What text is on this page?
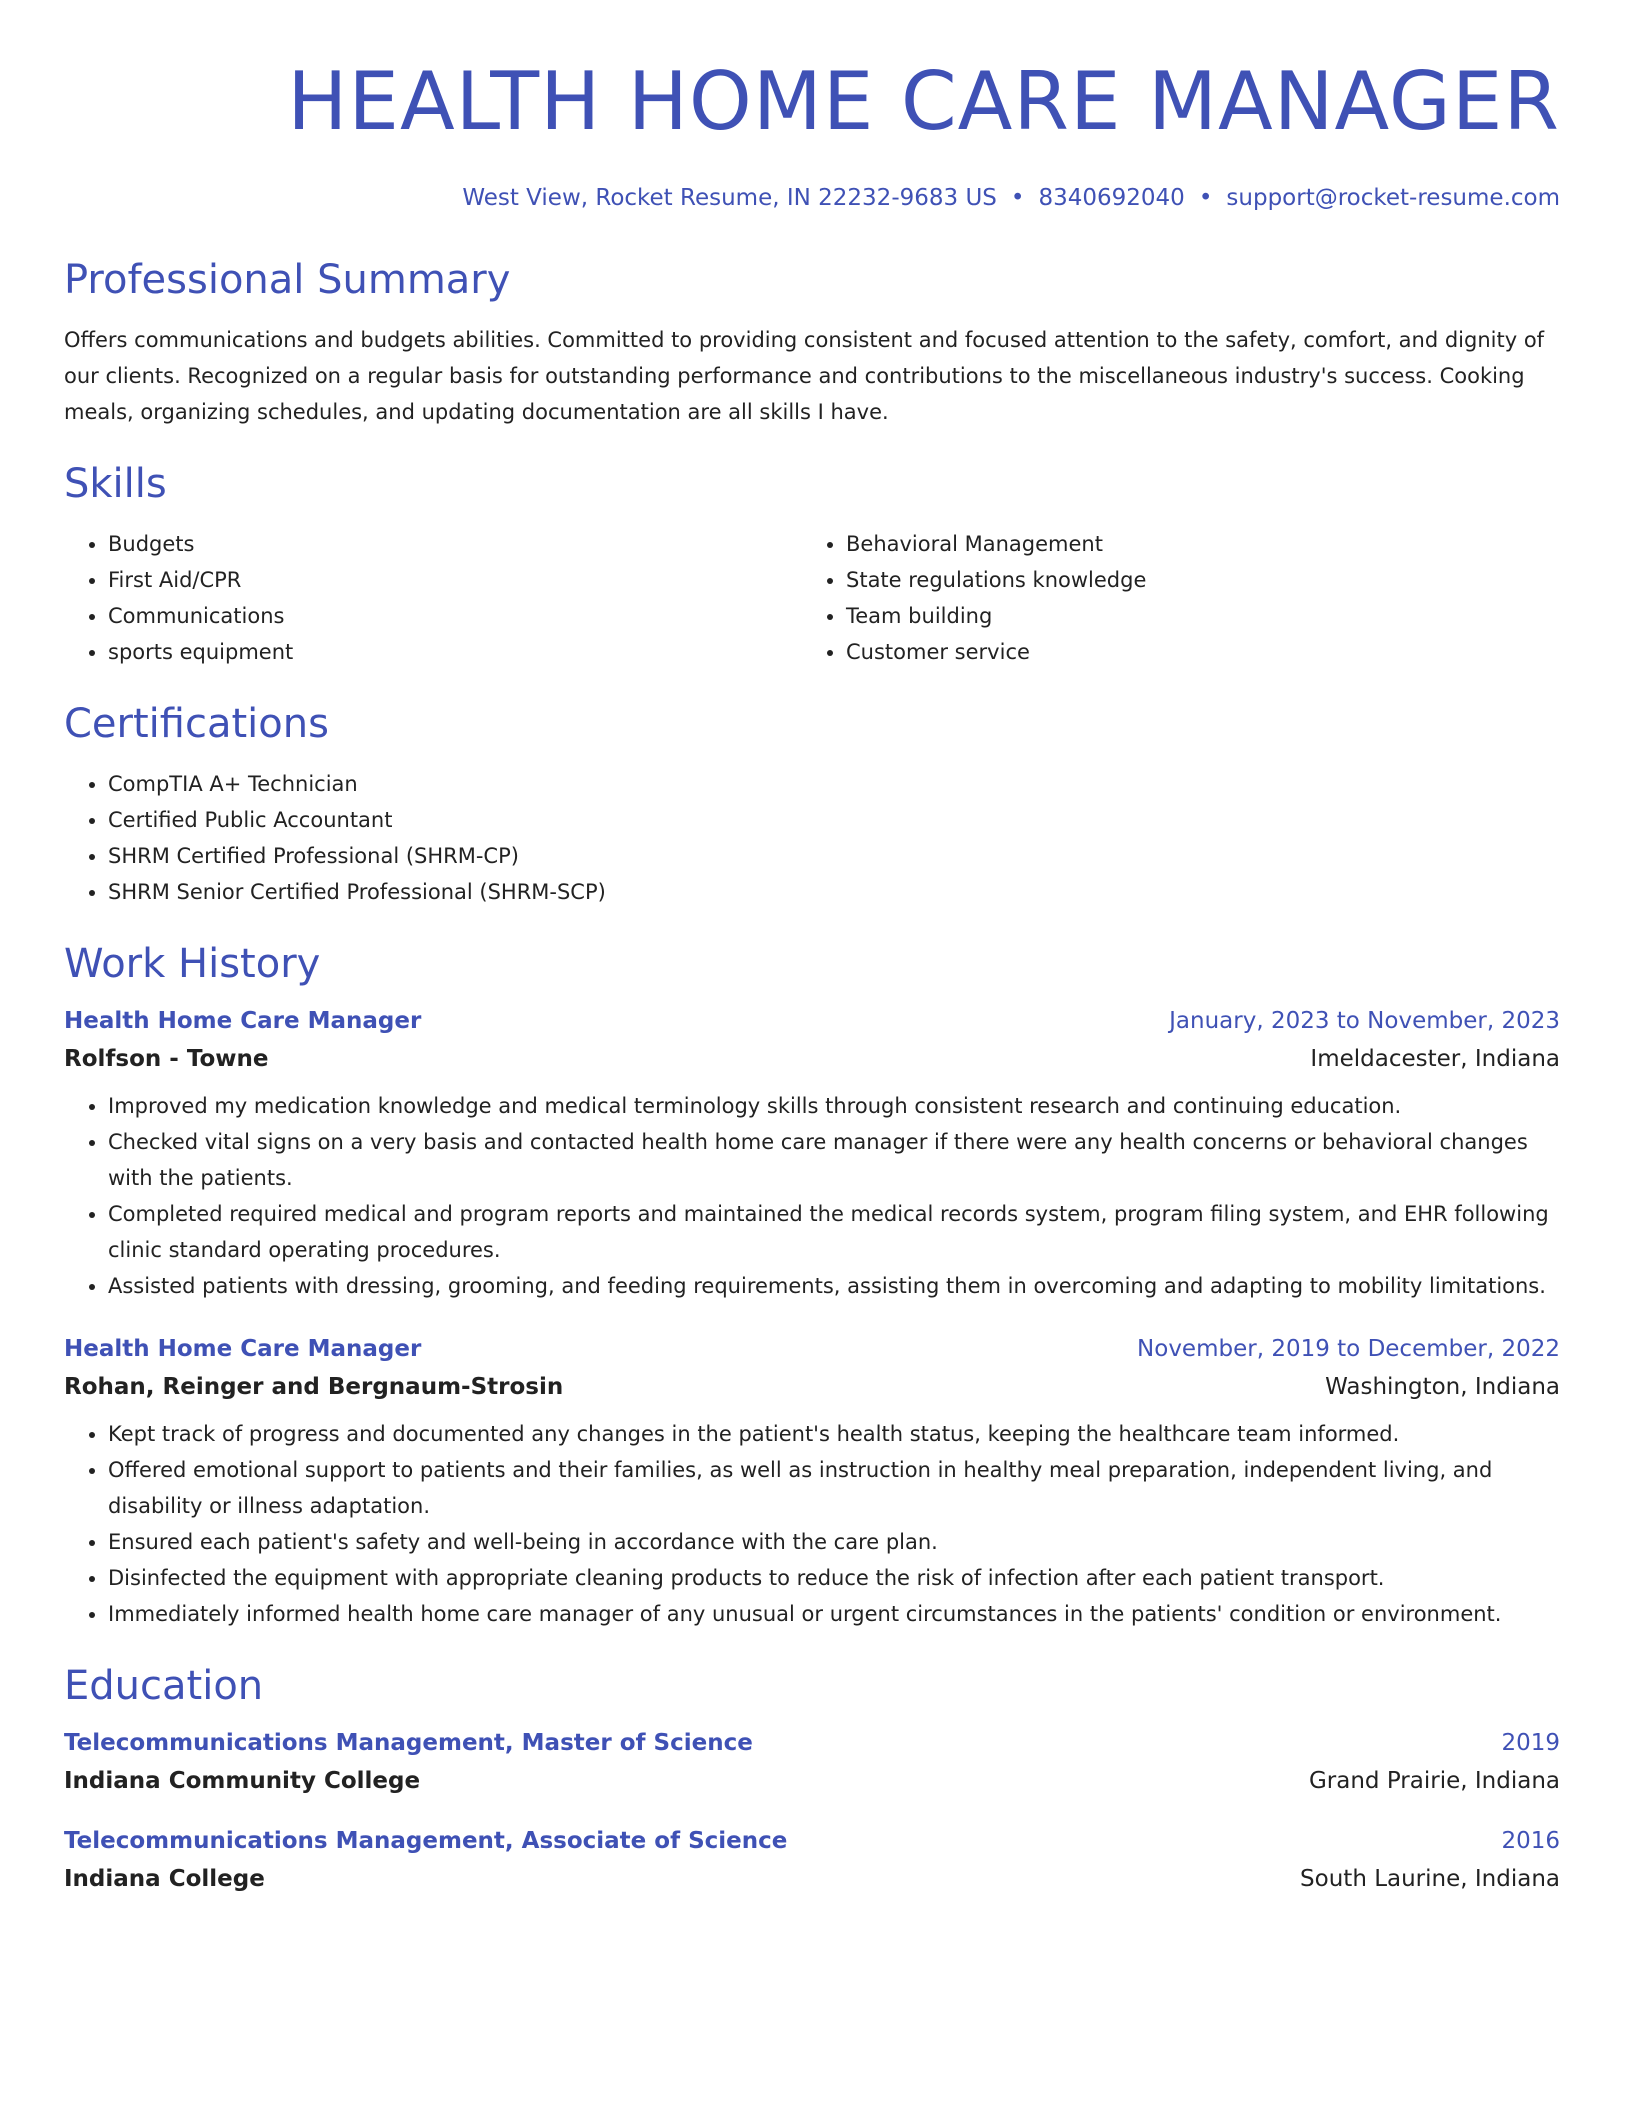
HEALTH HOME CARE MANAGER
West View, Rocket Resume, IN 22232-9683 US • 8340692040 • support@rocket-resume.com
Professional Summary

Offers communications and budgets abilities. Committed to providing consistent and focused attention to the safety, comfort, and dignity of our clients. Recognized on a regular basis for outstanding performance and contributions to the miscellaneous industry's success. Cooking meals, organizing schedules, and updating documentation are all skills I have.

Skills
• Budgets
• First Aid/CPR
• Communications
• sports equipment
• Behavioral Management
• State regulations knowledge
• Team building
• Customer service
Certifications
• CompTIA A+ Technician
• Certified Public Accountant
• SHRM Certified Professional (SHRM-CP)
• SHRM Senior Certified Professional (SHRM-SCP)
Work History
Health Home Care Manager	January, 2023 to November, 2023
Rolfson - Towne	Imeldacester, Indiana
• Improved my medication knowledge and medical terminology skills through consistent research and continuing education.
• Checked vital signs on a very basis and contacted health home care manager if there were any health concerns or behavioral changes with the patients.
• Completed required medical and program reports and maintained the medical records system, program filing system, and EHR following clinic standard operating procedures.
• Assisted patients with dressing, grooming, and feeding requirements, assisting them in overcoming and adapting to mobility limitations.
Health Home Care Manager	November, 2019 to December, 2022
Rohan, Reinger and Bergnaum-Strosin	Washington, Indiana
• Kept track of progress and documented any changes in the patient's health status, keeping the healthcare team informed.
• Offered emotional support to patients and their families, as well as instruction in healthy meal preparation, independent living, and disability or illness adaptation.
• Ensured each patient's safety and well-being in accordance with the care plan.
• Disinfected the equipment with appropriate cleaning products to reduce the risk of infection after each patient transport.
• Immediately informed health home care manager of any unusual or urgent circumstances in the patients' condition or environment.
Education
Telecommunications Management, Master of Science	2019
Indiana Community College	Grand Prairie, Indiana
Telecommunications Management, Associate of Science	2016
Indiana College	South Laurine, Indiana
